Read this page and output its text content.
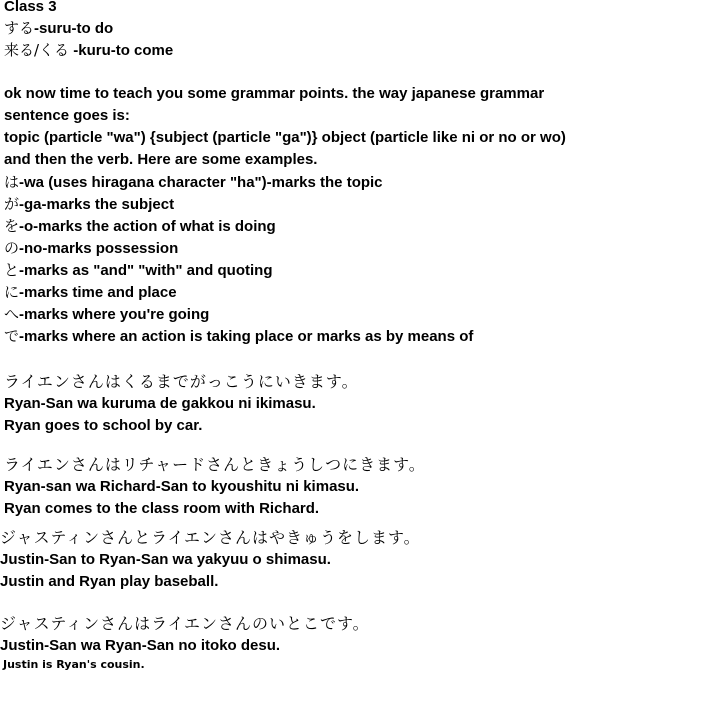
Class 3
する-suru-to do
来る/くる -kuru-to come
ok now time to teach you some grammar points. the way japanese grammar
sentence goes is:
topic (particle "wa") {subject (particle "ga")} object (particle like ni or no or wo)
and then the verb. Here are some examples.
は-wa (uses hiragana character "ha")-marks the topic
が-ga-marks the subject
を-o-marks the action of what is doing
の-no-marks possession
と-marks as "and" "with" and quoting
に-marks time and place
へ-marks where you're going
で-marks where an action is taking place or marks as by means of
ライエンさんはくるまでがっこうにいきます。
Ryan-San wa kuruma de gakkou ni ikimasu.
Ryan goes to school by car.
ライエンさんはリチャードさんときょうしつにきます。
Ryan-san wa Richard-San to kyoushitu ni kimasu.
Ryan comes to the class room with Richard.
ジャスティンさんとライエンさんはやきゅうをします。
Justin-San to Ryan-San wa yakyuu o shimasu.
Justin and Ryan play baseball.
ジャスティンさんはライエンさんのいとこです。
Justin-San wa Ryan-San no itoko desu.
Justin is Ryan's cousin.
